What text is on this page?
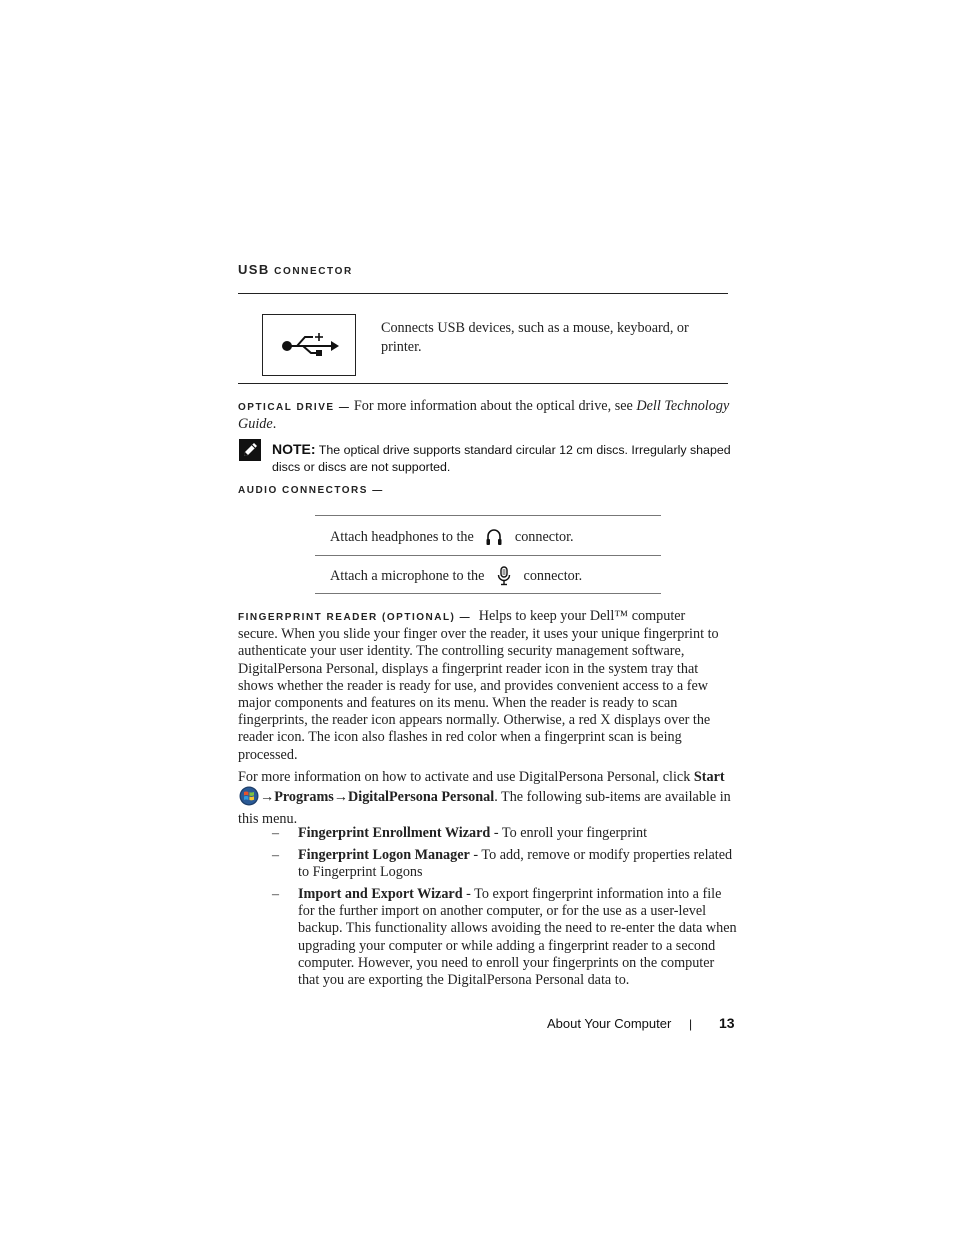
USB CONNECTOR
Connects USB devices, such as a mouse, keyboard, or printer.
OPTICAL DRIVE — For more information about the optical drive, see Dell Technology Guide.
NOTE: The optical drive supports standard circular 12 cm discs. Irregularly shaped discs or discs are not supported.
AUDIO CONNECTORS —
Attach headphones to the	connector.
Attach a microphone to the	connector.
FINGERPRINT READER (OPTIONAL) — Helps to keep your Dell™ computer secure. When you slide your finger over the reader, it uses your unique fingerprint to authenticate your user identity. The controlling security management software, DigitalPersona Personal, displays a fingerprint reader icon in the system tray that shows whether the reader is ready for use, and provides convenient access to a few major components and features on its menu. When the reader is ready to scan fingerprints, the reader icon appears normally. Otherwise, a red X displays over the reader icon. The icon also flashes in red color when a fingerprint scan is being processed.
For more information on how to activate and use DigitalPersona Personal, click Start →Programs→DigitalPersona Personal. The following sub-items are available in this menu.
– Fingerprint Enrollment Wizard - To enroll your fingerprint
– Fingerprint Logon Manager - To add, remove or modify properties related to Fingerprint Logons
– Import and Export Wizard - To export fingerprint information into a file for the further import on another computer, or for the use as a user-level backup. This functionality allows avoiding the need to re-enter the data when upgrading your computer or while adding a fingerprint reader to a second computer. However, you need to enroll your fingerprints on the computer that you are exporting the DigitalPersona Personal data to.
About Your Computer | 13
